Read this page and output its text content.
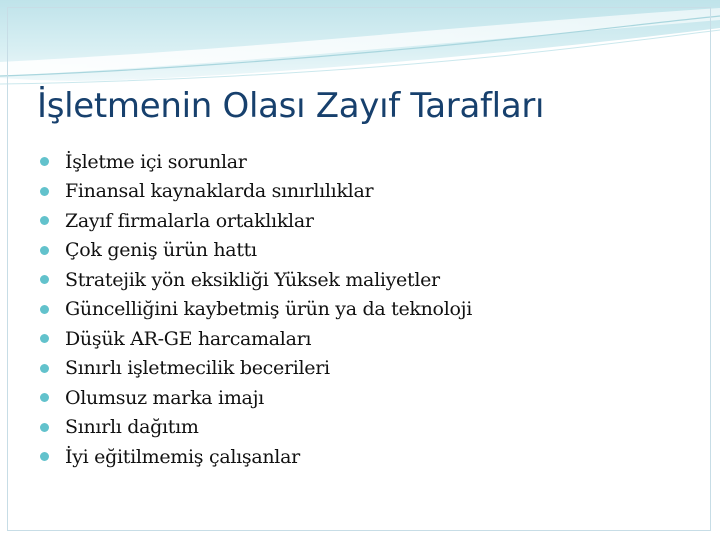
İşletmenin Olası Zayıf Tarafları
İşletme içi sorunlar
Finansal kaynaklarda sınırlılıklar
Zayıf firmalarla ortaklıklar
Çok geniş ürün hattı
Stratejik yön eksikliği Yüksek maliyetler
Güncelliğini kaybetmiş ürün ya da teknoloji
Düşük AR-GE harcamaları
Sınırlı işletmecilik becerileri
Olumsuz marka imajı
Sınırlı dağıtım
İyi eğitilmemiş çalışanlar
